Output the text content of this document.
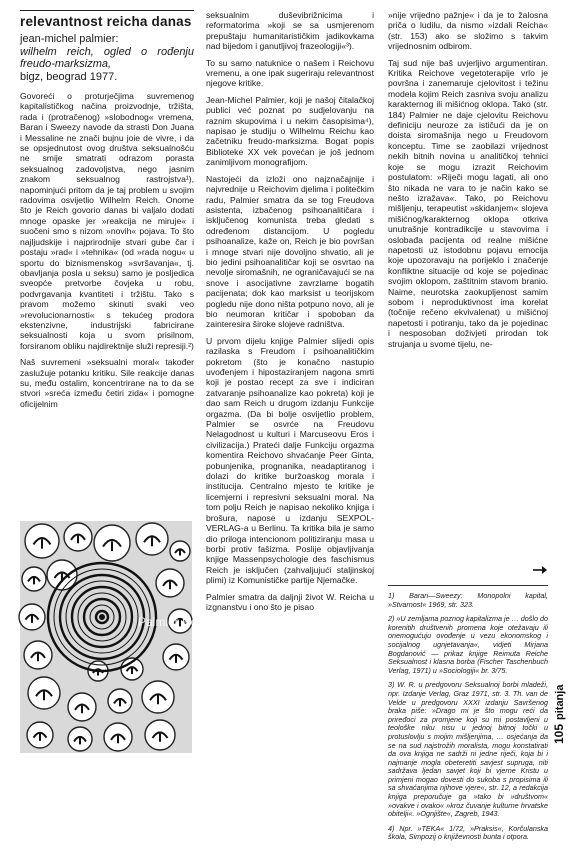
relevantnost reicha danas
jean-michel palmier:
wilhelm reich, ogled o rođenju freudo-marksizma,
bigz, beograd 1977.

Govoreći o proturječjima suvremenog kapitalističkog načina proizvodnje, tržišta, rada i (protračenog) »slobodnog« vremena, Baran i Sweezy navode da strasti Don Juana i Messaline ne znači bujnu joie de vivre, i da se opsjednutost ovog društva seksualnošću ne smije smatrati odrazom porasta seksualnog zadovoljstva, nego jasnim znakom seksualnog rastrojstva¹), napominjući pritom da je taj problem u svojim radovima osvijetlio Wilhelm Reich. Onome što je Reich govorio danas bi valjalo dodati mnoge opaske jer »reakcija ne miruje« i suočeni smo s nizom »novih« pojava. To što najljudskije i najprirodnije stvari gube čar i postaju »rad« i »tehnika« (od »rada nogu« u sportu do biznismenskog »svršavanja«, tj. obavljanja posla u seksu) samo je posljedica sveopće pretvorbe čovjeka u robu, podvrgavanja kvantiteti i tržištu. Tako s pravom možemo skinuti svaki veo »revolucionarnosti« s tekućeg prodora ekstenzivne, industrijski fabricirane seksualnosti koja u svom prisilnom, forsiranom obliku najdirektnije služi represiji.²)

Naš suvremeni »seksualni moral« također zaslužuje potanku kritiku. Sile reakcije danas su, među ostalim, koncentrirane na to da se stvori »sreća između četiri zida« i pomogne oficijelnim

Palmier Reich

seksualnim duševibrižnicima i reformatorima »koji se sa usmjerenom prepuštaju humanitarističkim jadikovkama nad bijedom i ganutljivoj frazeologiji«³).

To su samo natuknice o našem i Reichovu vremenu, a one ipak sugeriraju relevantnost njegove kritike.

Jean-Michel Palmier, koji je našoj čitalačkoj publici već poznat po sudjelovanju na raznim skupovima i u nekim časopisima⁴), napisao je studiju o Wilhelmu Reichu kao začetniku freudo-marksizma. Bogat popis Biblioteke XX vek povećan je još jednom zanimljivom monografijom.

Nastojeći da izloži ono najznačajnije i najvrednije u Reichovim djelima i politečkim radu, Palmier smatra da se tog Freudova asistenta, izbačenog psihoanalitičara i isključenog komunista treba gledati s određenom distancijom. U pogledu psihoanalize, kaže on, Reich je bio površan i mnoge stvari nije dovoljno shvatio, ali je bio jedini psihoanalitičar koji se osvrtao na nevolje siromašnih, ne ograničavajući se na snove i asocijativne zavrzlame bogatih pacijenata; dok kao marksist u teorijskom pogledu nije dono ništa potpuno novo, ali je bio neumoran kritičar i spoboban da zainteresira široke slojeve radništva.

U prvom dijelu knjige Palmier slijedi opis razilaska s Freudom i psihoanalitičkim pokretom (što je konačno nastupio uvođenjem i hipostaziranjem nagona smrti koji je postao recept za sve i indiciran zatvaranje psihoanalize kao pokreta) koji je dao sam Reich u drugom izdanju Funkcije orgazma. (Da bi bolje osvijetlio problem, Palmier se osvrće na Freudovu Nelagodnost u kulturi i Marcuseovu Eros i civilizacija.) Prateći dalje Funkciju orgazma komentira Reichovo shvaćanje Peer Ginta, pobunjenika, prognanika, neadaptiranog i dolazi do kritike buržoaskog morala i institucija. Centralno mjesto te kritike je licemjerni i represivni seksualni moral. Na tom polju Reich je napisao nekoliko knjiga i brošura, napose u izdanju SEXPOL-VERLAG-a u Berlinu. Ta kritika bila je samo dio priloga intencionom politiziranju masa u borbi protiv fašizma. Poslije objavljivanja knjige Massenpsychologie des faschismus Reich je isključen (zahvaljujući staljinskoj plimi) iz Komunističke partije Njemačke.

Palmier smatra da daljnji život W. Reicha u izgnanstvu i ono što je pisao

»nije vrijedno pažnje« i da je to žalosna priča o ludilu, da nismo »izdali Reicha« (str. 153) ako se složimo s takvim vrijednosnim odbirom.

Taj sud nije baš uvjerljivo argumentiran. Kritika Reichove vegetoterapije vrlo je površna i zanemaruje cjelovitost i težinu modela kojim Reich zasniva svoju analizu karakternog ili mišićnog oklopa. Tako (str. 184) Palmier ne daje cjelovitu Reichovu definiciju neuroze za ističući da je on doista siromašnija nego u Freudovom konceptu. Time se zaobilazi vrijednost nekih bitnih novina u analitičkoj tehnici koje se mogu izrazit Reichovim postulatom: »Riječi mogu lagati, ali ono što nikada ne vara to je način kako se nešto izražava«. Tako, po Reichovu mišljenju, terapeutist »skidanjem« slojeva mišićnog/karakternog oklopa otkriva unutrašnje kontradikcije u stavovima i oslobađa pacijenta od realne mišićne napetosti uz istodobnu pojavu emocija koje upozoravaju na porijeklo i značenje konfliktne situacije od koje se pojedinac svojim oklopom, zaštitnim stavom branio. Naime, neurotska zaokupljenost samim sobom i neproduktivnost ima korelat (točnije rečeno ekvivalenat) u mišićnoj napetosti i potiranju, tako da je pojedinac i nesposoban doživjeti prirodan tok strujanja u svome tijelu, ne-

1) Baran—Sweezy: Monopolni kapital, »Stvarnost« 1969, str. 323.

2) »U zemljama poznog kapitalizma je … došlo do korenitih društvenih promena koje otežavaju ili onemogućuju ovođenje u vezu ekonomskog i socijalnog ugnjetavanja«, vidjeti Mirjana Bogdanović — prikaz knjige Reimuta Reiche Seksualnost i klasna borba (Fischer Taschenbuch Verlag, 1971) u »Sociologiji« br. 3/75.

3) W. R. u predgovoru Seksualnoj borbi mladeži, npr. Izdanje Verlag, Graz 1971, str. 3. Th. van de Velde u predgovoru XXXI izdanju Savršenog braka piše: »Drago mi je što mogu reći da priređoci za promjene koji su mi postavljeni u teološke niku nisu u jednoj bitnoj točki u protuslovlju s mojim mišljenjima, … osjećanja da se na sud najstrožih moralista, mogu konstatirati da ova knjiga ne sadrži ni jedne riječi, koja bi i najmanje mogla obeteretiti savjest supruga, niti sadržava ljedan savjet koji bi vjerne Kristu u primjeni mogao dovesti do sukoba s propisima ili sa shvaćanjima njihove vjere«, str. 12, a redakcija knjiga preporučuje ga »tako bi »društvom« »ovakve i ovako« »kroz čuvanje kulturne hrvatske obitelji«. »Ognjište«, Zagreb, 1943.

4) Npr. »TEKA« 1/72, »Praksis«, Korčulanska škola, Simpozij o književnosti bunta i otpora.

105
pitanja
